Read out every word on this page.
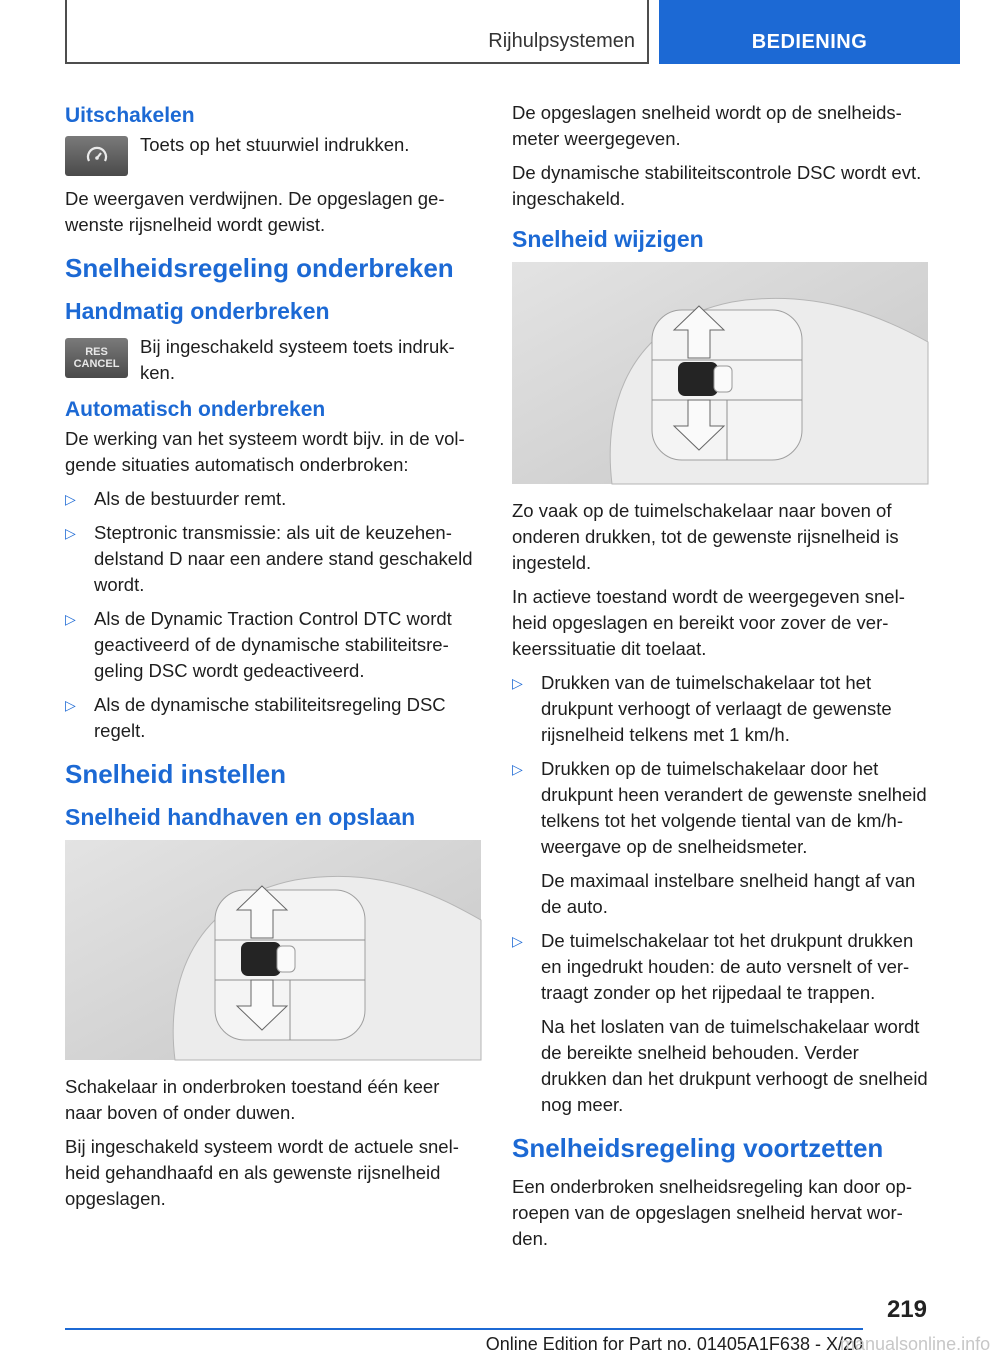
Rijhulpsystemen	BEDIENING
Uitschakelen

Toets op het stuurwiel indrukken.

De weergaven verdwijnen. De opgeslagen gewenste rijsnelheid wordt gewist.

Snelheidsregeling onderbreken
Handmatig onderbreken
RES
CANCEL

Bij ingeschakeld systeem toets indrukken.

Automatisch onderbreken

De werking van het systeem wordt bijv. in de volgende situaties automatisch onderbroken:

▷ Als de bestuurder remt.
▷ Steptronic transmissie: als uit de keuzehendelstand D naar een andere stand geschakeld wordt.
▷ Als de Dynamic Traction Control DTC wordt geactiveerd of de dynamische stabiliteitsregeling DSC wordt gedeactiveerd.
▷ Als de dynamische stabiliteitsregeling DSC regelt.
Snelheid instellen
Snelheid handhaven en opslaan

Schakelaar in onderbroken toestand één keer naar boven of onder duwen.

Bij ingeschakeld systeem wordt de actuele snelheid gehandhaafd en als gewenste rijsnelheid opgeslagen.

De opgeslagen snelheid wordt op de snelheidsmeter weergegeven.

De dynamische stabiliteitscontrole DSC wordt evt. ingeschakeld.

Snelheid wijzigen

Zo vaak op de tuimelschakelaar naar boven of onderen drukken, tot de gewenste rijsnelheid is ingesteld.

In actieve toestand wordt de weergegeven snelheid opgeslagen en bereikt voor zover de verkeerssituatie dit toelaat.

▷ Drukken van de tuimelschakelaar tot het drukpunt verhoogt of verlaagt de gewenste rijsnelheid telkens met 1 km/h.
▷ Drukken op de tuimelschakelaar door het drukpunt heen verandert de gewenste snelheid telkens tot het volgende tiental van de km/h-weergave op de snelheidsmeter.
De maximaal instelbare snelheid hangt af van de auto.
▷ De tuimelschakelaar tot het drukpunt drukken en ingedrukt houden: de auto versnelt of vertraagt zonder op het rijpedaal te trappen.
Na het loslaten van de tuimelschakelaar wordt de bereikte snelheid behouden. Verder drukken dan het drukpunt verhoogt de snelheid nog meer.
Snelheidsregeling voortzetten

Een onderbroken snelheidsregeling kan door oproepen van de opgeslagen snelheid hervat worden.

219
Online Edition for Part no. 01405A1F638 - X/20
manualsonline.info
